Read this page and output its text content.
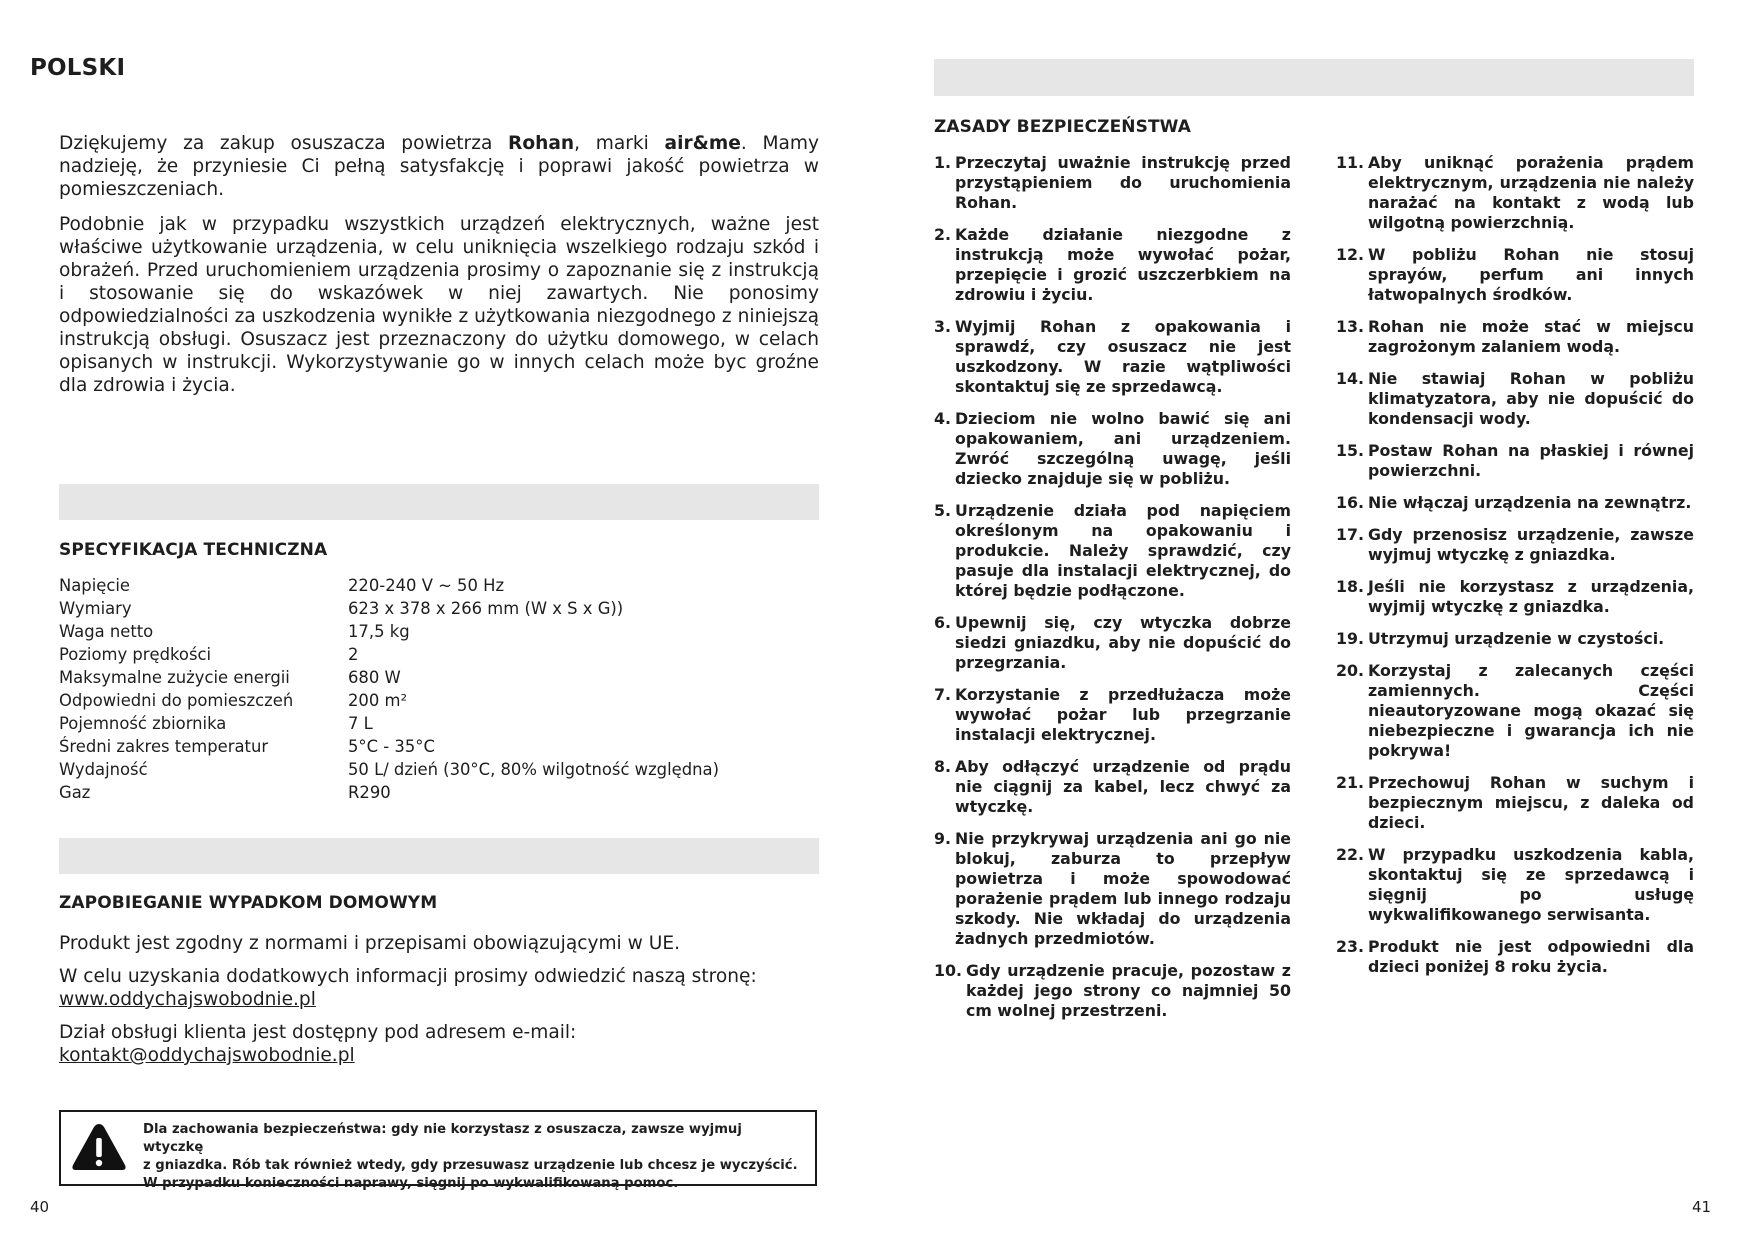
POLSKI

Dziękujemy za zakup osuszacza powietrza Rohan, marki air&me. Mamy nadzieję, że przyniesie Ci pełną satysfakcję i poprawi jakość powietrza w pomieszczeniach.

Podobnie jak w przypadku wszystkich urządzeń elektrycznych, ważne jest właściwe użytkowanie urządzenia, w celu uniknięcia wszelkiego rodzaju szkód i obrażeń. Przed uruchomieniem urządzenia prosimy o zapoznanie się z instrukcją i stosowanie się do wskazówek w niej zawartych. Nie ponosimy odpowiedzialności za uszkodzenia wynikłe z użytkowania niezgodnego z niniejszą instrukcją obsługi. Osuszacz jest przeznaczony do użytku domowego, w celach opisanych w instrukcji. Wykorzystywanie go w innych celach może byc groźne dla zdrowia i życia.

SPECYFIKACJA TECHNICZNA
Napięcie	220-240 V ~ 50 Hz
Wymiary	623 x 378 x 266 mm (W x S x G))
Waga netto	17,5 kg
Poziomy prędkości	2
Maksymalne zużycie energii	680 W
Odpowiedni do pomieszczeń	200 m²
Pojemność zbiornika	7 L
Średni zakres temperatur	5°C - 35°C
Wydajność	50 L/ dzień (30°C, 80% wilgotność względna)
Gaz	R290
ZAPOBIEGANIE WYPADKOM DOMOWYM

Produkt jest zgodny z normami i przepisami obowiązującymi w UE.

W celu uzyskania dodatkowych informacji prosimy odwiedzić naszą stronę:
www.oddychajswobodnie.pl

Dział obsługi klienta jest dostępny pod adresem e-mail:
kontakt@oddychajswobodnie.pl

Dla zachowania bezpieczeństwa: gdy nie korzystasz z osuszacza, zawsze wyjmuj wtyczkę
z gniazdka. Rób tak również wtedy, gdy przesuwasz urządzenie lub chcesz je wyczyścić.
W przypadku konieczności naprawy, sięgnij po wykwalifikowaną pomoc.
40
ZASADY BEZPIECZEŃSTWA
1. Przeczytaj uważnie instrukcję przed przystąpieniem do uruchomienia Rohan.
2. Każde działanie niezgodne z instrukcją może wywołać pożar, przepięcie i grozić uszczerbkiem na zdrowiu i życiu.
3. Wyjmij Rohan z opakowania i sprawdź, czy osuszacz nie jest uszkodzony. W razie wątpliwości skontaktuj się ze sprzedawcą.
4. Dzieciom nie wolno bawić się ani opakowaniem, ani urządzeniem. Zwróć szczególną uwagę, jeśli dziecko znajduje się w pobliżu.
5. Urządzenie działa pod napięciem określonym na opakowaniu i produkcie. Należy sprawdzić, czy pasuje dla instalacji elektrycznej, do której będzie podłączone.
6. Upewnij się, czy wtyczka dobrze siedzi gniazdku, aby nie dopuścić do przegrzania.
7. Korzystanie z przedłużacza może wywołać pożar lub przegrzanie instalacji elektrycznej.
8. Aby odłączyć urządzenie od prądu nie ciągnij za kabel, lecz chwyć za wtyczkę.
9. Nie przykrywaj urządzenia ani go nie blokuj, zaburza to przepływ powietrza i może spowodować porażenie prądem lub innego rodzaju szkody. Nie wkładaj do urządzenia żadnych przedmiotów.
10. Gdy urządzenie pracuje, pozostaw z każdej jego strony co najmniej 50 cm wolnej przestrzeni.
11. Aby uniknąć porażenia prądem elektrycznym, urządzenia nie należy narażać na kontakt z wodą lub wilgotną powierzchnią.
12. W pobliżu Rohan nie stosuj sprayów, perfum ani innych łatwopalnych środków.
13. Rohan nie może stać w miejscu zagrożonym zalaniem wodą.
14. Nie stawiaj Rohan w pobliżu klimatyzatora, aby nie dopuścić do kondensacji wody.
15. Postaw Rohan na płaskiej i równej powierzchni.
16. Nie włączaj urządzenia na zewnątrz.
17. Gdy przenosisz urządzenie, zawsze wyjmuj wtyczkę z gniazdka.
18. Jeśli nie korzystasz z urządzenia, wyjmij wtyczkę z gniazdka.
19. Utrzymuj urządzenie w czystości.
20. Korzystaj z zalecanych części zamiennych. Części nieautoryzowane mogą okazać się niebezpieczne i gwarancja ich nie pokrywa!
21. Przechowuj Rohan w suchym i bezpiecznym miejscu, z daleka od dzieci.
22. W przypadku uszkodzenia kabla, skontaktuj się ze sprzedawcą i sięgnij po usługę wykwalifikowanego serwisanta.
23. Produkt nie jest odpowiedni dla dzieci poniżej 8 roku życia.
41
